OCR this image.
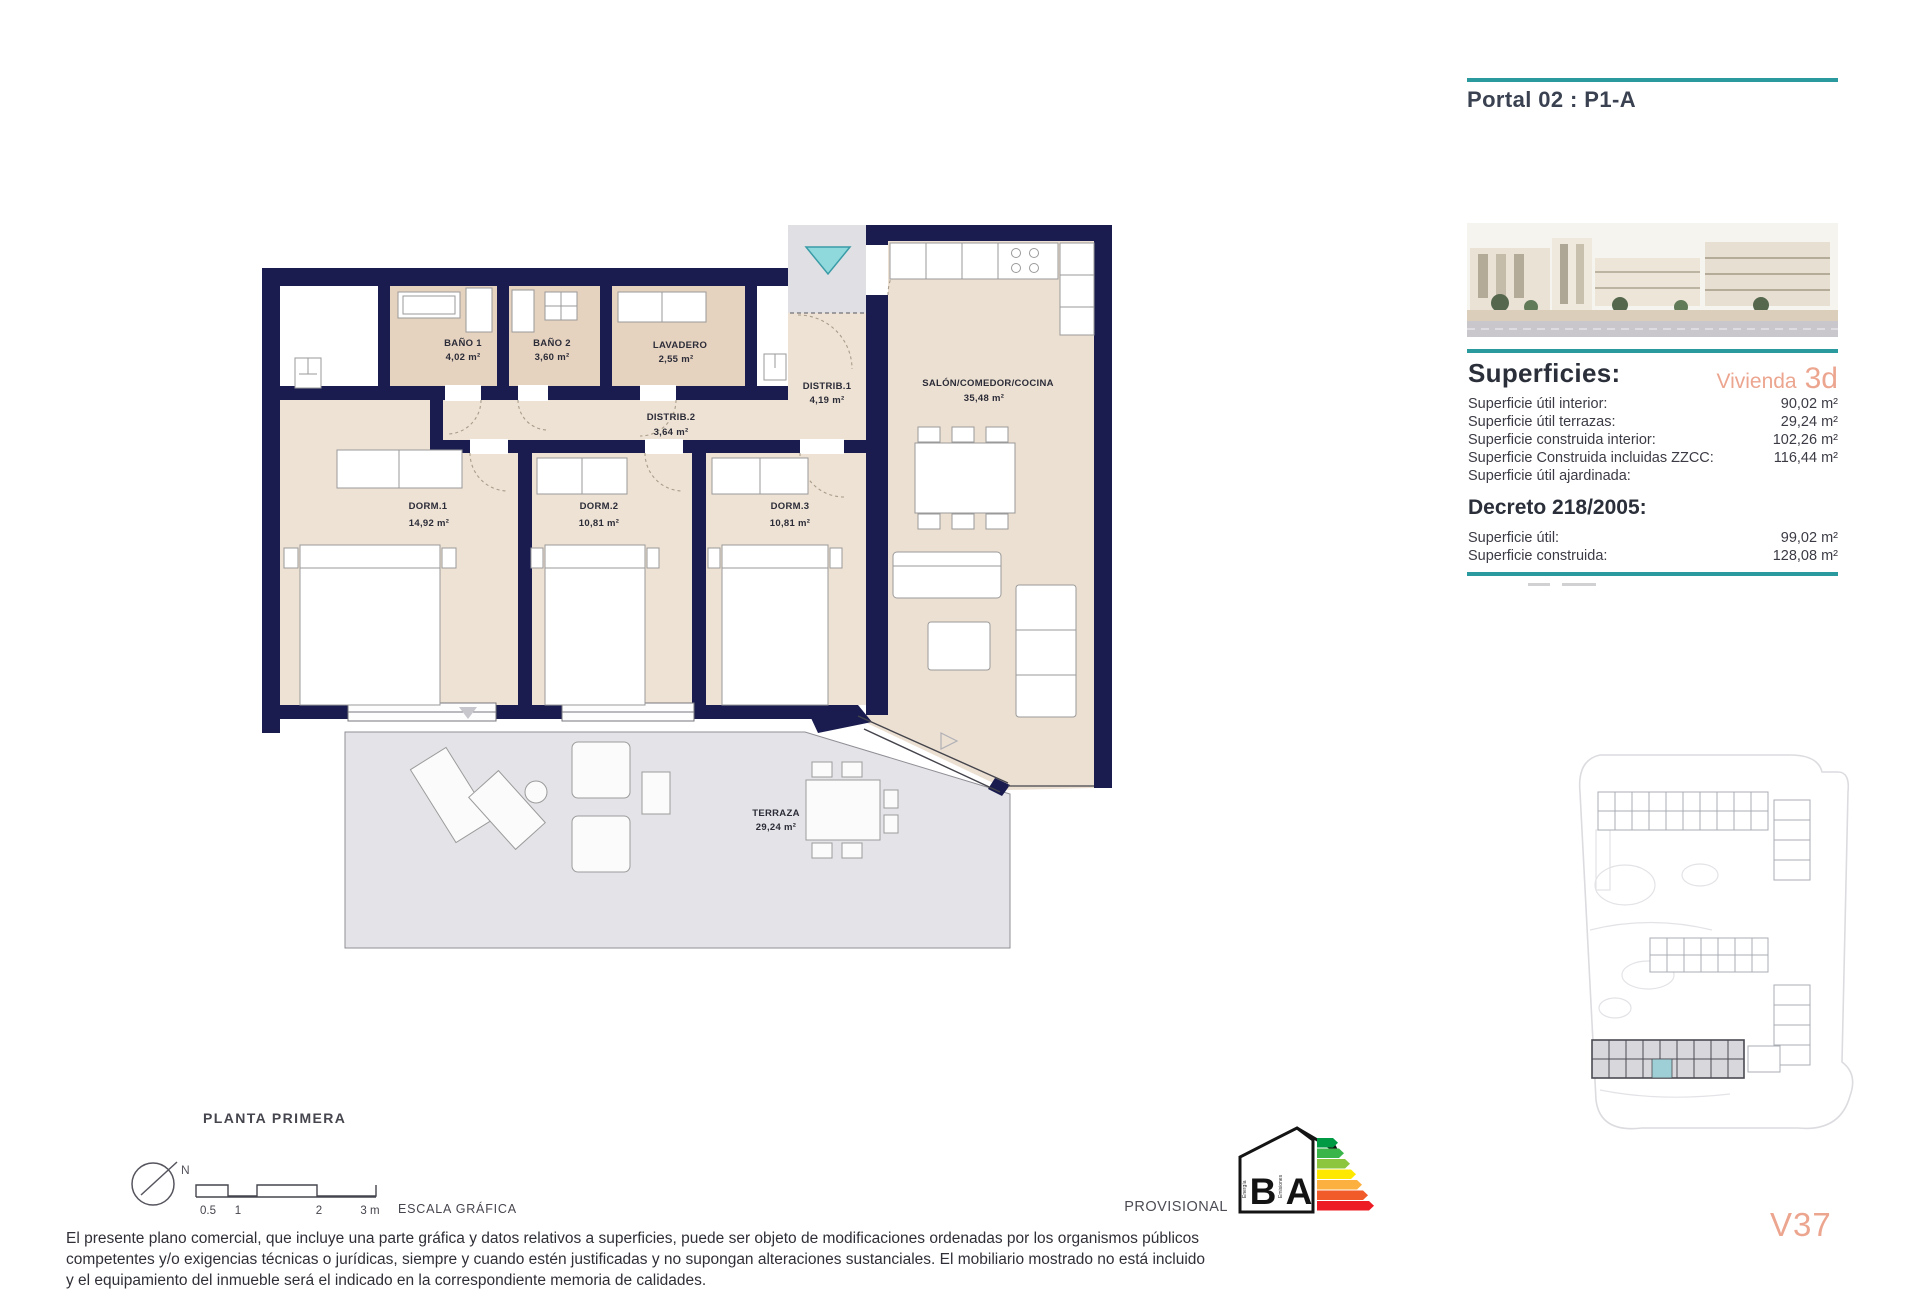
BAÑO 1
4,02 m²
BAÑO 2
3,60 m²
LAVADERO
2,55 m²
DISTRIB.1
4,19 m²
DISTRIB.2
3,64 m²
DORM.1
14,92 m²
DORM.2
10,81 m²
DORM.3
10,81 m²
SALÓN/COMEDOR/COCINA
35,48 m²
TERRAZA
29,24 m²
Portal 02 : P1-A
Superficies:	Vivienda 3d
Superficie útil interior:	90,02 m²
Superficie útil terrazas:	29,24 m²
Superficie construida interior:	102,26 m²
Superficie Construida incluidas ZZCC:	116,44 m²
Superficie útil ajardinada:
Decreto 218/2005:
Superficie útil:	99,02 m²
Superficie construida:	128,08 m²
V37
PLANTA PRIMERA
N
0.5 1	2	3 m ESCALA GRÁFICA	PROVISIONAL B A
Energía	Emisiones
El presente plano comercial, que incluye una parte gráfica y datos relativos a superficies, puede ser objeto de modificaciones ordenadas por los organismos públicos
competentes y/o exigencias técnicas o jurídicas, siempre y cuando estén justificadas y no supongan alteraciones sustanciales. El mobiliario mostrado no está incluido
y el equipamiento del inmueble será el indicado en la correspondiente memoria de calidades.
